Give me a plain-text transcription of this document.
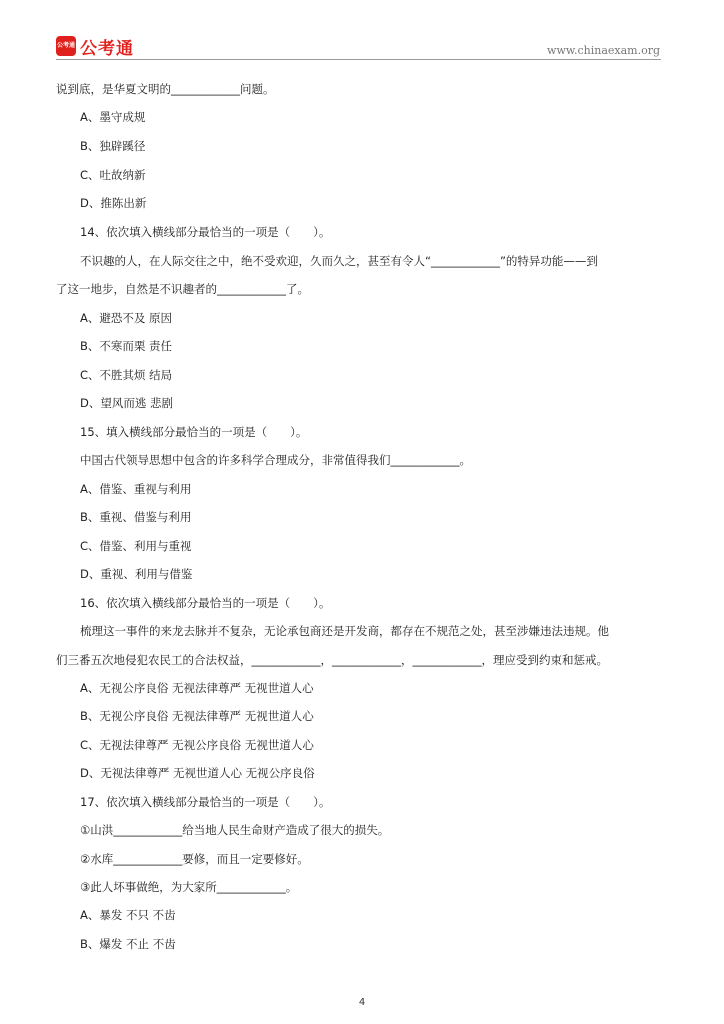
公考通 公考通	www.chinaexam.org
说到底，是华夏文明的____________问题。
A、墨守成规
B、独辟蹊径
C、吐故纳新
D、推陈出新
14、依次填入横线部分最恰当的一项是（　　）。
不识趣的人，在人际交往之中，绝不受欢迎，久而久之，甚至有令人“____________”的特异功能——到
了这一地步，自然是不识趣者的____________了。
A、避恐不及 原因
B、不寒而栗 责任
C、不胜其烦 结局
D、望风而逃 悲剧
15、填入横线部分最恰当的一项是（　　）。
中国古代领导思想中包含的许多科学合理成分，非常值得我们____________。
A、借鉴、重视与利用
B、重视、借鉴与利用
C、借鉴、利用与重视
D、重视、利用与借鉴
16、依次填入横线部分最恰当的一项是（　　）。
梳理这一事件的来龙去脉并不复杂，无论承包商还是开发商，都存在不规范之处，甚至涉嫌违法违规。他
们三番五次地侵犯农民工的合法权益，____________，____________，____________，理应受到约束和惩戒。
A、无视公序良俗 无视法律尊严 无视世道人心
B、无视公序良俗 无视法律尊严 无视世道人心
C、无视法律尊严 无视公序良俗 无视世道人心
D、无视法律尊严 无视世道人心 无视公序良俗
17、依次填入横线部分最恰当的一项是（　　）。
①山洪____________给当地人民生命财产造成了很大的损失。
②水库____________要修，而且一定要修好。
③此人坏事做绝，为大家所____________。
A、暴发 不只 不齿
B、爆发 不止 不齿
4
